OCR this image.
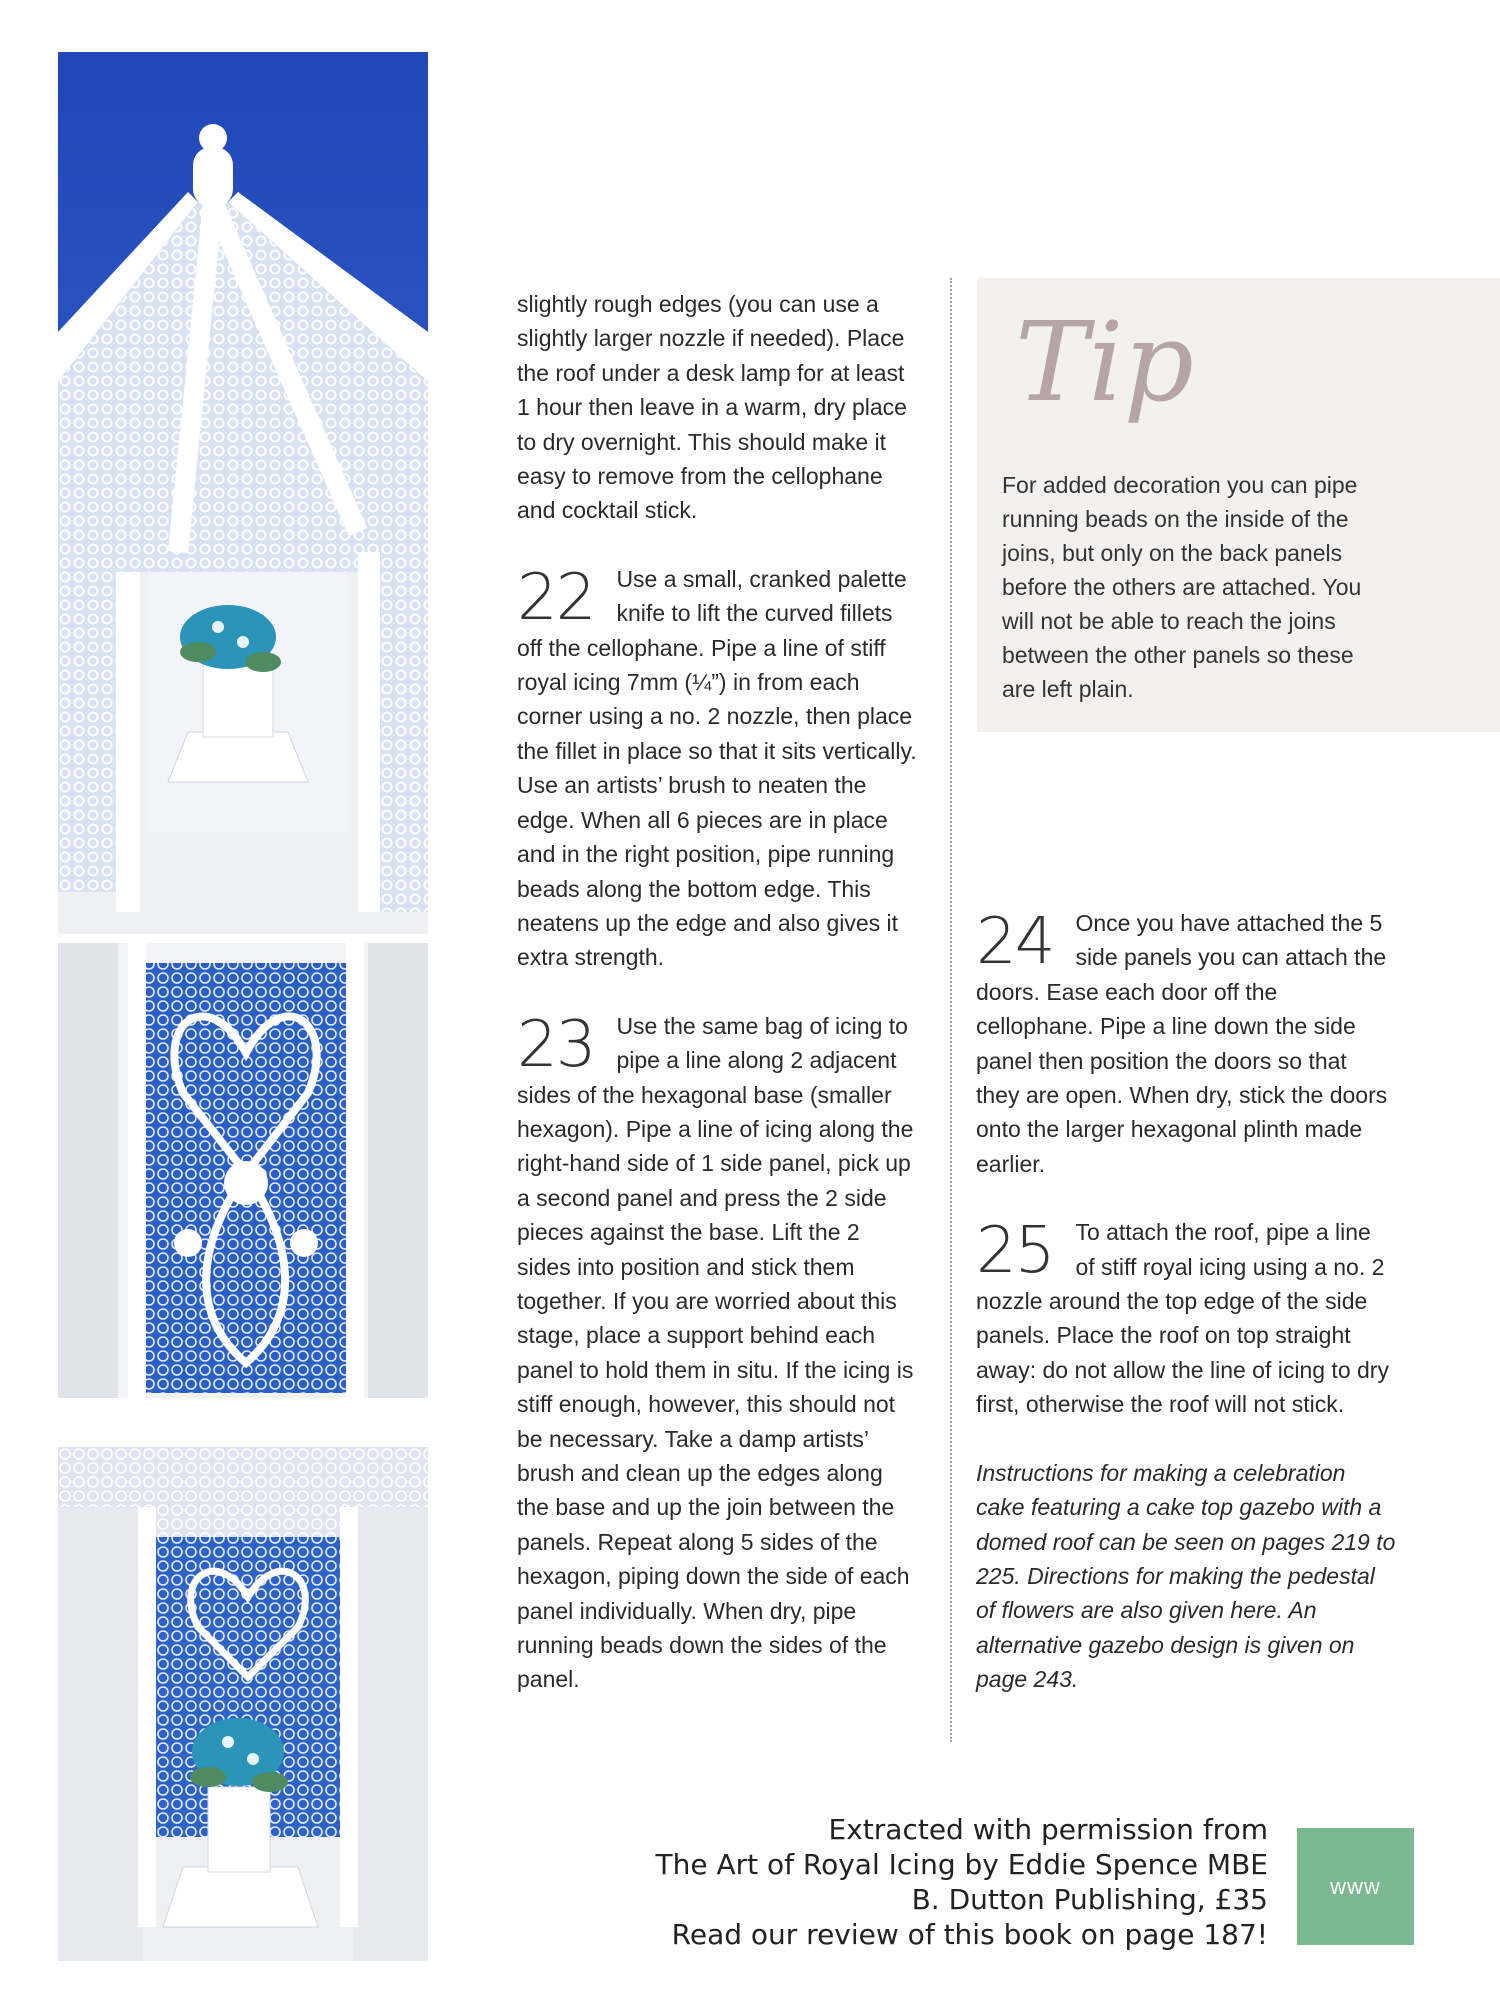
slightly rough edges (you can use a slightly larger nozzle if needed). Place the roof under a desk lamp for at least 1 hour then leave in a warm, dry place to dry overnight. This should make it easy to remove from the cellophane and cocktail stick.

22 Use a small, cranked palette knife to lift the curved fillets off the cellophane. Pipe a line of stiff royal icing 7mm (¼”) in from each corner using a no. 2 nozzle, then place the fillet in place so that it sits vertically. Use an artists’ brush to neaten the edge. When all 6 pieces are in place and in the right position, pipe running beads along the bottom edge. This neatens up the edge and also gives it extra strength.
23 Use the same bag of icing to pipe a line along 2 adjacent sides of the hexagonal base (smaller hexagon). Pipe a line of icing along the right-hand side of 1 side panel, pick up a second panel and press the 2 side pieces against the base. Lift the 2 sides into position and stick them together. If you are worried about this stage, place a support behind each panel to hold them in situ. If the icing is stiff enough, however, this should not be necessary. Take a damp artists’ brush and clean up the edges along the base and up the join between the panels. Repeat along 5 sides of the hexagon, piping down the side of each panel individually. When dry, pipe running beads down the sides of the panel.
Tip
For added decoration you can pipe running beads on the inside of the joins, but only on the back panels before the others are attached. You will not be able to reach the joins between the other panels so these are left plain.
24 Once you have attached the 5 side panels you can attach the doors. Ease each door off the cellophane. Pipe a line down the side panel then position the doors so that they are open. When dry, stick the doors onto the larger hexagonal plinth made earlier.
25 To attach the roof, pipe a line of stiff royal icing using a no. 2 nozzle around the top edge of the side panels. Place the roof on top straight away: do not allow the line of icing to dry first, otherwise the roof will not stick.

Instructions for making a celebration cake featuring a cake top gazebo with a domed roof can be seen on pages 219 to 225. Directions for making the pedestal of flowers are also given here. An alternative gazebo design is given on page 243.

Extracted with permission from
The Art of Royal Icing by Eddie Spence MBE
B. Dutton Publishing, £35
Read our review of this book on page 187!
www
